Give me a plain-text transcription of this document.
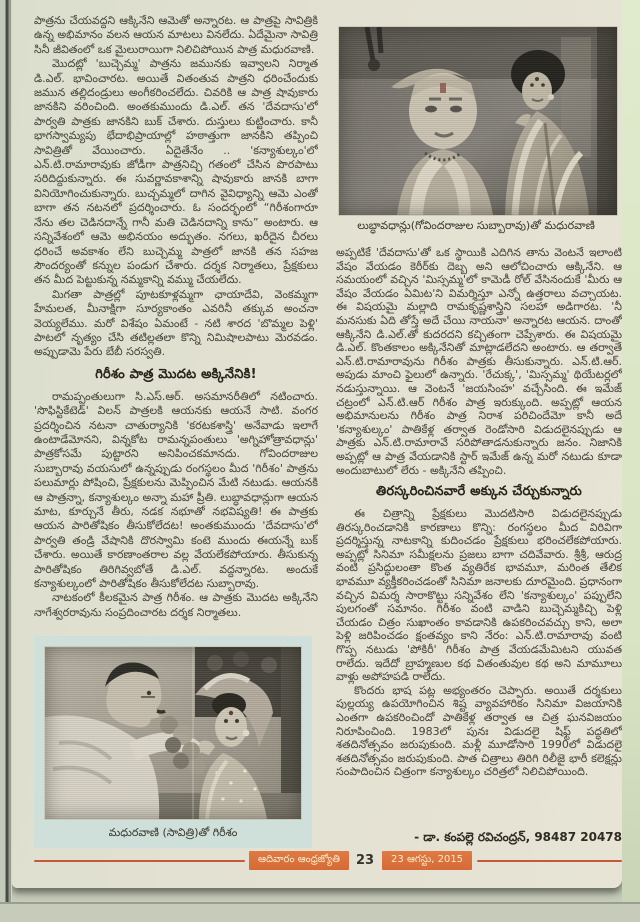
పాత్రను చేయవద్దని ఆక్కినేని ఆమెతో అన్నారట. ఆ పాత్రపై సావిత్రికి ఉన్న అభిమానం వలన ఆయన మాటలు వినలేదు. ఏదేమైనా సావిత్రి సినీ జీవితంలో ఒక మైలురాయిగా నిలిచిపోయిన పాత్ర మధురవాణి.

మొదట్లో 'బుచ్చెమ్మ' పాత్రను జమునకు ఇవ్వాలని నిర్మాత డి.ఎల్. భావించారట. అయితే వితంతువ పాత్రని ధరించేందుకు జమున తల్లిదండ్రులు అంగీకరించలేదు. చివరికి ఆ పాత్ర షావుకారు జానకిని వరించింది. అంతకుముందు డి.ఎల్. తన 'దేవదాసు'లో పార్వతి పాత్రకు జానకిని బుక్ చేశారు. దుస్తులు కుట్టించారు. కానీ భాగస్వామ్యపు భేదాభిప్రాయాల్లో హఠాత్తుగా జానకిని తప్పించి సావిత్రితో వేయించారు. ఏదైతేనేం .. 'కన్యాశుల్కం'లో ఎన్.టి.రామారావుకు జోడీగా పాత్రనిచ్చి గతంలో చేసిన పొరపాటు సరిదిద్దుకున్నారు. ఈ సువర్ణావకాశాన్ని షావుకారు జానకి బాగా వినియోగించుకున్నారు. బుచ్చమ్మలో దాగిన వైవిధ్యాన్ని ఆమె ఎంతో బాగా తన నటనలో ప్రదర్శించారు. ఓ సందర్భంలో “గిరీశంగారూ నేను తల చెడినదాన్నే గానీ మతి చెడినదాన్ని కాను” అంటారు. ఆ సన్నివేశంలో ఆమె అభినయం అద్భుతం. నగలు, ఖరీదైన చీరలు ధరించే అవకాశం లేని బుచ్చెమ్మ పాత్రలో జానకి తన సహజ సౌందర్యంతో కన్నుల పండుగ చేశారు. దర్శక నిర్మాతలు, ప్రేక్షకులు తన మీద పెట్టుకున్న నమ్మకాన్ని వమ్ము చేయలేదు.

మిగతా పాత్రల్లో పూటకూళ్లమ్మగా ఛాయాదేవి, వెంకమ్మగా హేమలత, మీనాక్షిగా సూర్యకాంతం ఎవరినీ తక్కువ అంచనా వెయ్యలేము. మరో విశేషం ఏమంటే - నటి శారద 'బొమ్మల పెళ్లి' పాటలో నృత్యం చేసి తటిల్లతలా కొన్ని నిమిషాలపాటు మెరవడం. అప్పుడామె పేరు బేబీ సరస్వతి.

గిరీశం పాత్ర మొదట అక్కినేనికి!

రామప్పంతులుగా సి.ఎస్.ఆర్. అసమానరీతిలో నటించారు. 'సొఫిస్టికేటెడ్' విలన్ పాత్రలకి ఆయనకు ఆయనే సాటి. వంగర ప్రదర్శించిన నటనా చాతుర్యానికి 'కరటకశాస్త్రి' అనేవాడు ఇలాగే ఉంటాడేమోనని, విన్నకోట రామన్నపంతులు 'అగ్నిహోత్రావధాన్లు' పాత్రకోసమే పుట్టారని అనిపించకమానదు. గోవిందరాజుల సుబ్బారావు వయసులో ఉన్నప్పుడు రంగస్థలం మీద 'గిరీశం' పాత్రను పలుమార్లు పోషించి, ప్రేక్షకులను మెప్పించిన మేటి నటుడు. ఆయనకి ఆ పాత్రన్నా, కన్యాశుల్కం అన్నా మహా ప్రీతి. లుబ్ధావధాన్లుగా ఆయన మాట, కూర్చునే తీరు, నడక నభూతో నభవిష్యతి! ఈ పాత్రకు ఆయన పారితోషికం తీసుకోలేదట! అంతకుముందు 'దేవదాసు'లో పార్వతి తండ్రి వేషానికి దొరస్వామి కంటె ముందు ఈయన్నే బుక్ చేశారు. అయితే కారణాంతరాల వల్ల వేయలేకపోయారు. తీసుకున్న పారితోషికం తిరిగివ్వబోతే డి.ఎల్. వద్దన్నారట. అందుకే కన్యాశుల్కంలో పారితోషికం తీసుకోలేదట సుబ్బారావు.

నాటకంలో కీలకమైన పాత్ర గిరీశం. ఆ పాత్రకు మొదట అక్కినేని నాగేశ్వరరావును సంప్రదించారట దర్శక నిర్మాతలు.

లుబ్ధావధాన్లు(గోవిందరాజుల సుబ్బారావు)తో మధురవాణి

అప్పటికే 'దేవదాసు'తో ఒక స్థాయికి ఎదిగిన తాను వెంటనే ఇలాంటి వేషం వేయడం కెరీర్‌కు దెబ్బ అని ఆలోచించారు ఆక్కినేని. ఆ సమయంలో వచ్చిన 'మిస్సమ్మ'లో కామెడీ రోల్ వేసినందుకే 'మీరు ఆ వేషం వేయడం ఏమిట'ని విమర్శిస్తూ ఎన్నో ఉత్తరాలు వచ్చాయట. ఈ విషయమై మల్లాది రామకృష్ణశాస్త్రిని సలహా అడిగారట. 'నీ మనసుకు ఏది తోస్తే అదే చేయి నాయనా' అన్నారట ఆయన. దాంతో ఆక్కినేని డి.ఎల్.తో కుదరదని కచ్చితంగా చెప్పేశారు. ఈ విషయమై డి.ఎల్. కొంతకాలం అక్కినేనితో మాట్లాడలేదని అంటారు. ఆ తర్వాతే ఎన్.టి.రామారావును గిరీశం పాత్రకు తీసుకున్నారు. ఎన్.టి.ఆర్. అపుడు మాంచి ఫైలులో ఉన్నారు. 'రేచుక్క', 'మిస్సమ్మ' థియేటర్లలో నడుస్తున్నాయి. ఆ వెంటనే 'జయసింహ' వచ్చేసింది. ఈ ఇమేజ్ చట్రంలో ఎన్.టి.ఆర్ గిరీశం పాత్ర ఇరుక్కుంది. అప్పట్లో ఆయన అభిమానులను గిరీశం పాత్ర నిరాశ పరిచిందేమో కానీ అదే 'కన్యాశుల్కం' పాతికేళ్ల తర్వాత రెండోసారి విడుదలైనప్పుడు ఆ పాత్రకు ఎన్.టి.రామారావే సరిపోతాడనుకున్నారు జనం. నిజానికి అప్పట్లో ఆ పాత్ర వేయడానికి స్టార్ ఇమేజ్ ఉన్న మరో నటుడు కూడా అందుబాటులో లేరు - అక్కినేని తప్పించి.

తిరస్కరించినవారే అక్కున చేర్చుకున్నారు

ఈ చిత్రాన్ని ప్రేక్షకులు మొదటిసారి విడుదలైనప్పుడు తిరస్కరించడానికి కారణాలు కొన్ని: రంగస్థలం మీద విరివిగా ప్రదర్శిస్తున్న నాటకాన్ని కుదించడం ప్రేక్షకులు భరించలేకపోయారు. అప్పట్లో సినిమా సమీక్షలను ప్రజలు బాగా చదివేవారు. శ్రీశ్రీ, ఆరుద్ర వంటి ప్రసిద్ధులంతా కొంత వ్యతిరేక భావమూ, మరింత తేలిక భావమూ వ్యక్తీకరించడంతో సినిమా జనాలకు దూరమైంది. ప్రధానంగా వచ్చిన విమర్శ సారాకొట్టు సన్నివేశం లేని 'కన్యాశుల్కం' పప్పులేని పులగంతో సమానం. గిరీశం వంటి వాడిని బుచ్చెమ్మకిచ్చి పెళ్లి చేయడం చిత్రం సుఖాంతం కావడానికి ఉపకరించవచ్చు కాని, అలా పెళ్లి జరిపించడం క్షంతవ్యం కాని నేరం: ఎన్.టి.రామారావు వంటి గొప్ప నటుడు 'పోకిరీ' గిరీశం పాత్ర వేయడమేమిటని యువత రాలేదు. ఇదేదో బ్రాహ్మణుల కథ వితంతువుల కథ అని మామూలు వాళ్లు అపోహపడి రాలేదు.

కొందరు భాష పట్ల అభ్యంతరం చెప్పారు. అయితే దర్శకులు పుల్లయ్య ఉపయోగించిన శిష్ట వ్యావహారికం సినిమా విజయానికి ఎంతగా ఉపకరించిందో పాతికేళ్ల తర్వాత ఆ చిత్ర ఘనవిజయం నిరూపించింది. 1983లో పునః విడుదలై షిఫ్ట్ పద్ధతిలో శతదినోత్సవం జరుపుకుంది. మళ్లీ మూడోసారి 1990లో విడుదలై శతదినోత్సవం జరుపుకుంది. పాత చిత్రాలు తిరిగి రిలీజై భారీ కలెక్షన్లు సంపాదించిన చిత్రంగా కన్యాశుల్కం చరిత్రలో నిలిచిపోయింది.

- డా. కంపల్లె రవిచంద్రన్, 98487 20478
మధురవాణి (సావిత్రి)తో గిరీశం
ఆదివారం ఆంధ్రజ్యోతి	23	23 ఆగస్టు, 2015
